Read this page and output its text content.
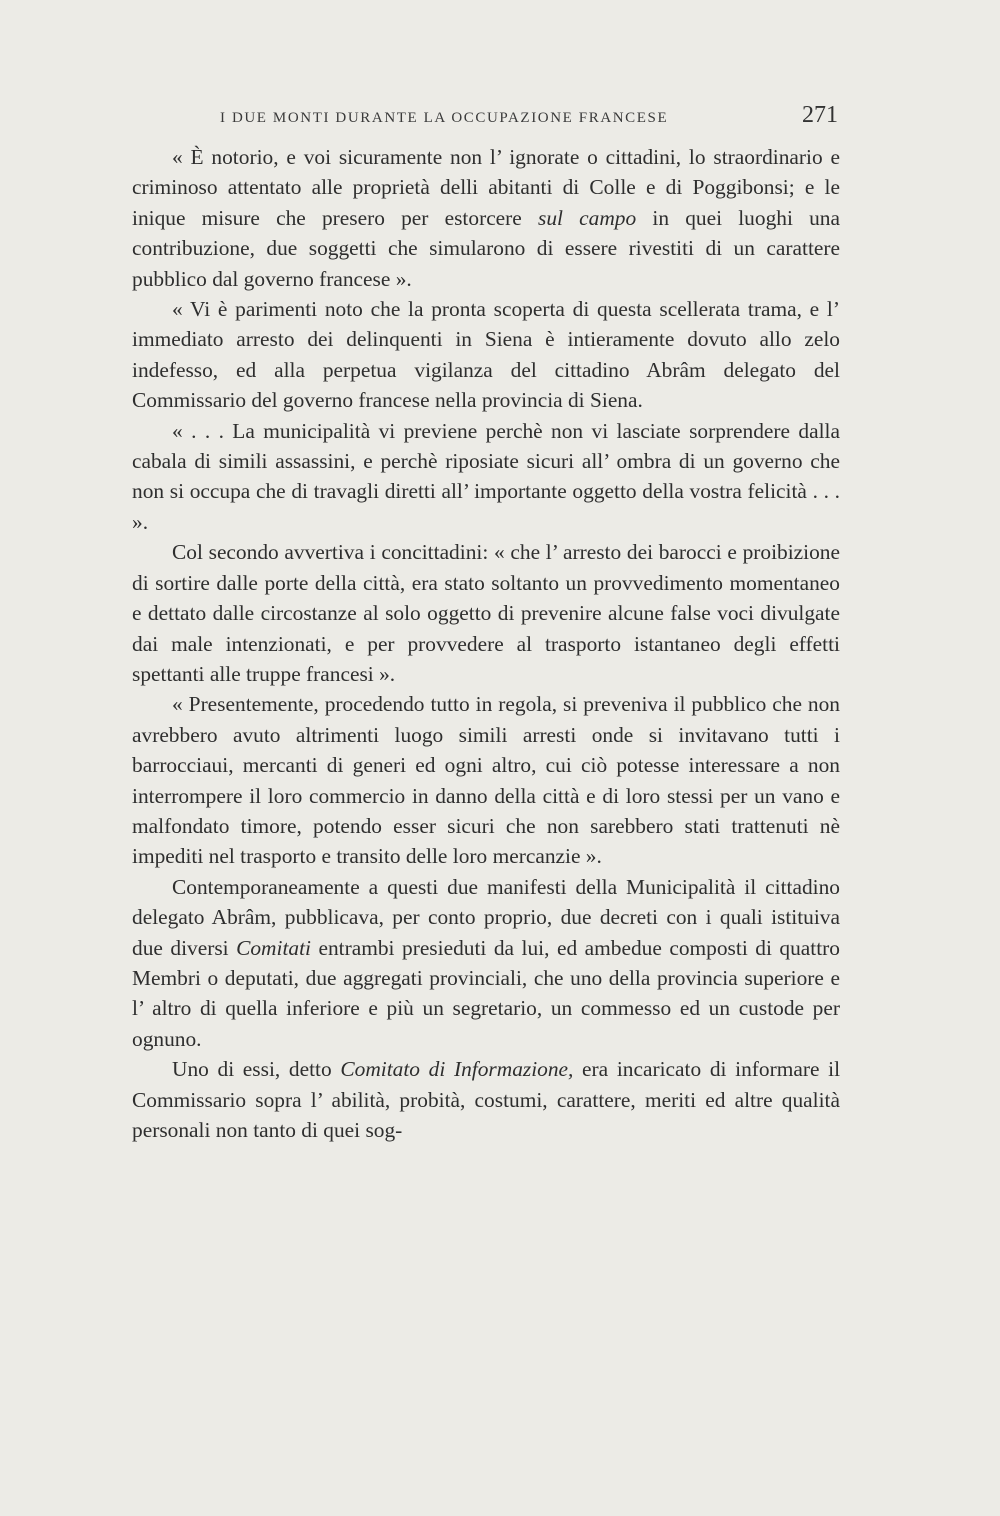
I DUE MONTI DURANTE LA OCCUPAZIONE FRANCESE	271

« È notorio, e voi sicuramente non l’ ignorate o cittadini, lo straordinario e criminoso attentato alle proprietà delli abitanti di Colle e di Poggibonsi; e le inique misure che presero per estorcere sul campo in quei luoghi una contribuzione, due soggetti che simularono di essere rivestiti di un carattere pubblico dal governo francese ».

« Vi è parimenti noto che la pronta scoperta di questa scellerata trama, e l’ immediato arresto dei delinquenti in Siena è intieramente dovuto allo zelo indefesso, ed alla perpetua vigilanza del cittadino Abrâm delegato del Commissario del governo francese nella provincia di Siena.

« . . . La municipalità vi previene perchè non vi lasciate sorprendere dalla cabala di simili assassini, e perchè riposiate sicuri all’ ombra di un governo che non si occupa che di travagli diretti all’ importante oggetto della vostra felicità . . . ».

Col secondo avvertiva i concittadini: « che l’ arresto dei barocci e proibizione di sortire dalle porte della città, era stato soltanto un provvedimento momentaneo e dettato dalle circostanze al solo oggetto di prevenire alcune false voci divulgate dai male intenzionati, e per provvedere al trasporto istantaneo degli effetti spettanti alle truppe francesi ».

« Presentemente, procedendo tutto in regola, si preveniva il pubblico che non avrebbero avuto altrimenti luogo simili arresti onde si invitavano tutti i barrocciaui, mercanti di generi ed ogni altro, cui ciò potesse interessare a non interrompere il loro commercio in danno della città e di loro stessi per un vano e malfondato timore, potendo esser sicuri che non sarebbero stati trattenuti nè impediti nel trasporto e transito delle loro mercanzie ».

Contemporaneamente a questi due manifesti della Municipalità il cittadino delegato Abrâm, pubblicava, per conto proprio, due decreti con i quali istituiva due diversi Comitati entrambi presieduti da lui, ed ambedue composti di quattro Membri o deputati, due aggregati provinciali, che uno della provincia superiore e l’ altro di quella inferiore e più un segretario, un commesso ed un custode per ognuno.

Uno di essi, detto Comitato di Informazione, era incaricato di informare il Commissario sopra l’ abilità, probità, costumi, carattere, meriti ed altre qualità personali non tanto di quei sog-
